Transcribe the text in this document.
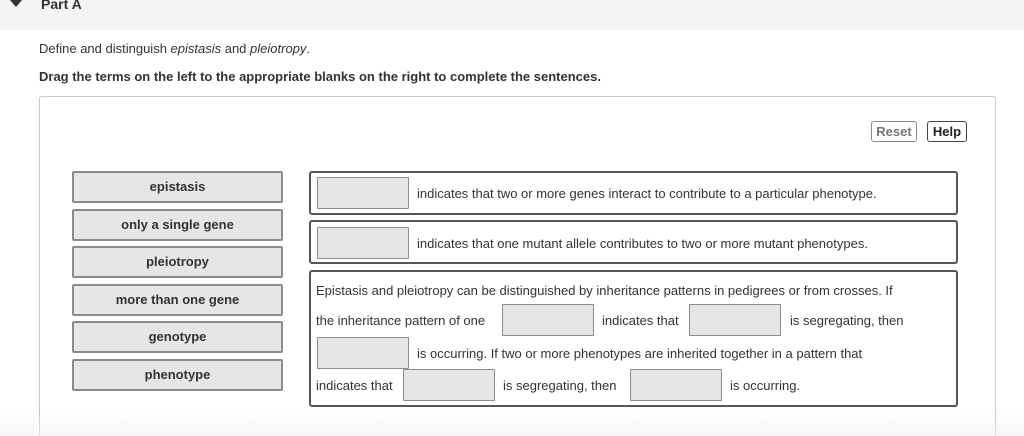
Part A
Define and distinguish epistasis and pleiotropy.
Drag the terms on the left to the appropriate blanks on the right to complete the sentences.
Reset	Help
epistasis
only a single gene
pleiotropy
more than one gene
genotype
phenotype
indicates that two or more genes interact to contribute to a particular phenotype.
indicates that one mutant allele contributes to two or more mutant phenotypes.
Epistasis and pleiotropy can be distinguished by inheritance patterns in pedigrees or from crosses. If
the inheritance pattern of one	indicates that	is segregating, then
is occurring. If two or more phenotypes are inherited together in a pattern that
indicates that	is segregating, then	is occurring.
